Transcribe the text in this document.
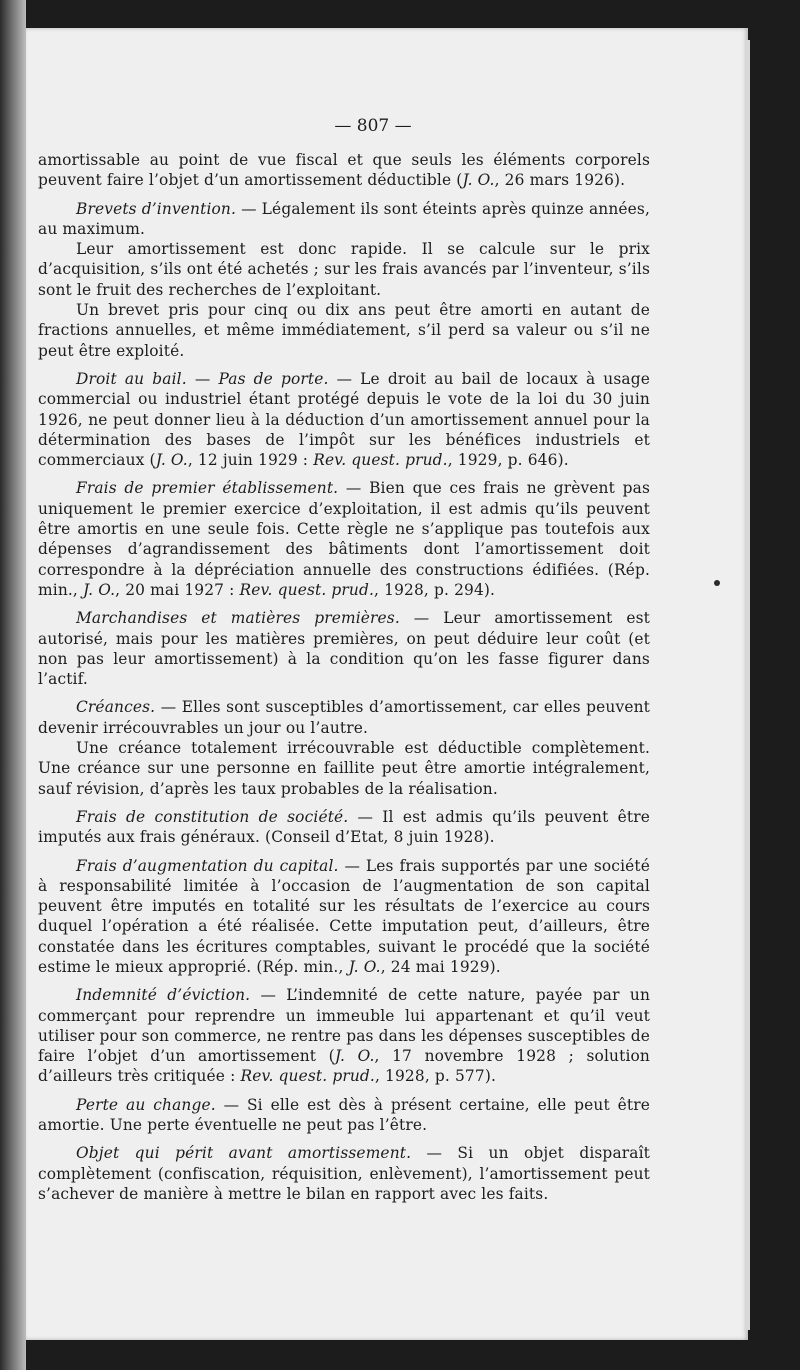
— 807 —

amortissable au point de vue fiscal et que seuls les éléments corporels peuvent faire l’objet d’un amortissement déductible (J. O., 26 mars 1926).

Brevets d’invention. — Légalement ils sont éteints après quinze années, au maximum.

Leur amortissement est donc rapide. Il se calcule sur le prix d’acquisition, s’ils ont été achetés ; sur les frais avancés par l’inventeur, s’ils sont le fruit des recherches de l’exploitant.

Un brevet pris pour cinq ou dix ans peut être amorti en autant de fractions annuelles, et même immédiatement, s’il perd sa valeur ou s’il ne peut être exploité.

Droit au bail. — Pas de porte. — Le droit au bail de locaux à usage commercial ou industriel étant protégé depuis le vote de la loi du 30 juin 1926, ne peut donner lieu à la déduction d’un amortissement annuel pour la détermination des bases de l’impôt sur les bénéfices industriels et commerciaux (J. O., 12 juin 1929 : Rev. quest. prud., 1929, p. 646).

Frais de premier établissement. — Bien que ces frais ne grèvent pas uniquement le premier exercice d’exploitation, il est admis qu’ils peuvent être amortis en une seule fois. Cette règle ne s’applique pas toutefois aux dépenses d’agrandissement des bâtiments dont l’amortissement doit correspondre à la dépréciation annuelle des constructions édifiées. (Rép. min., J. O., 20 mai 1927 : Rev. quest. prud., 1928, p. 294).

Marchandises et matières premières. — Leur amortissement est autorisé, mais pour les matières premières, on peut déduire leur coût (et non pas leur amortissement) à la condition qu’on les fasse figurer dans l’actif.

Créances. — Elles sont susceptibles d’amortissement, car elles peuvent devenir irrécouvrables un jour ou l’autre.

Une créance totalement irrécouvrable est déductible complètement. Une créance sur une personne en faillite peut être amortie intégralement, sauf révision, d’après les taux probables de la réalisation.

Frais de constitution de société. — Il est admis qu’ils peuvent être imputés aux frais généraux. (Conseil d’Etat, 8 juin 1928).

Frais d’augmentation du capital. — Les frais supportés par une société à responsabilité limitée à l’occasion de l’augmentation de son capital peuvent être imputés en totalité sur les résultats de l’exercice au cours duquel l’opération a été réalisée. Cette imputation peut, d’ailleurs, être constatée dans les écritures comptables, suivant le procédé que la société estime le mieux approprié. (Rép. min., J. O., 24 mai 1929).

Indemnité d’éviction. — L’indemnité de cette nature, payée par un commerçant pour reprendre un immeuble lui appartenant et qu’il veut utiliser pour son commerce, ne rentre pas dans les dépenses susceptibles de faire l’objet d’un amortissement (J. O., 17 novembre 1928 ; solution d’ailleurs très critiquée : Rev. quest. prud., 1928, p. 577).

Perte au change. — Si elle est dès à présent certaine, elle peut être amortie. Une perte éventuelle ne peut pas l’être.

Objet qui périt avant amortissement. — Si un objet disparaît complètement (confiscation, réquisition, enlèvement), l’amortissement peut s’achever de manière à mettre le bilan en rapport avec les faits.
